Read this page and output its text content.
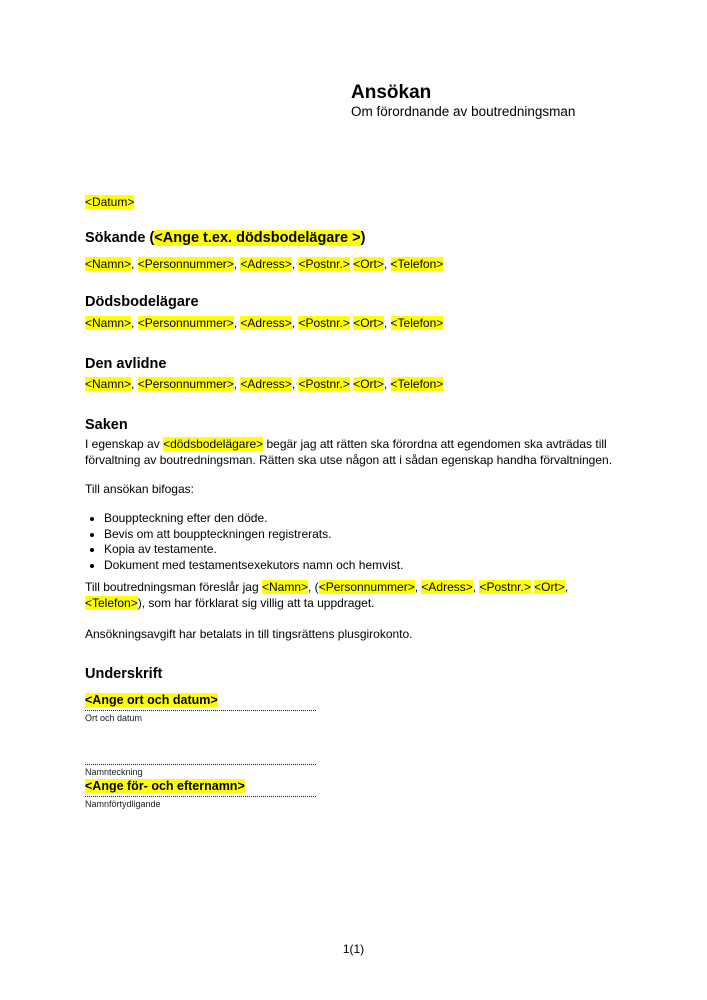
Ansökan
Om förordnande av boutredningsman
<Datum>
Sökande (<Ange t.ex. dödsbodelägare >)
<Namn>, <Personnummer>, <Adress>, <Postnr.> <Ort>, <Telefon>
Dödsbodelägare
<Namn>, <Personnummer>, <Adress>, <Postnr.> <Ort>, <Telefon>
Den avlidne
<Namn>, <Personnummer>, <Adress>, <Postnr.> <Ort>, <Telefon>
Saken
I egenskap av <dödsbodelägare> begär jag att rätten ska förordna att egendomen ska avträdas till förvaltning av boutredningsman. Rätten ska utse någon att i sådan egenskap handha förvaltningen.
Till ansökan bifogas:
• Bouppteckning efter den döde.
• Bevis om att bouppteckningen registrerats.
• Kopia av testamente.
• Dokument med testamentsexekutors namn och hemvist.
Till boutredningsman föreslår jag <Namn>, (<Personnummer>, <Adress>, <Postnr.> <Ort>, <Telefon>), som har förklarat sig villig att ta uppdraget.
Ansökningsavgift har betalats in till tingsrättens plusgirokonto.
Underskrift
<Ange ort och datum>
Ort och datum
Namnteckning
<Ange för- och efternamn>
Namnförtydligande
1(1)
